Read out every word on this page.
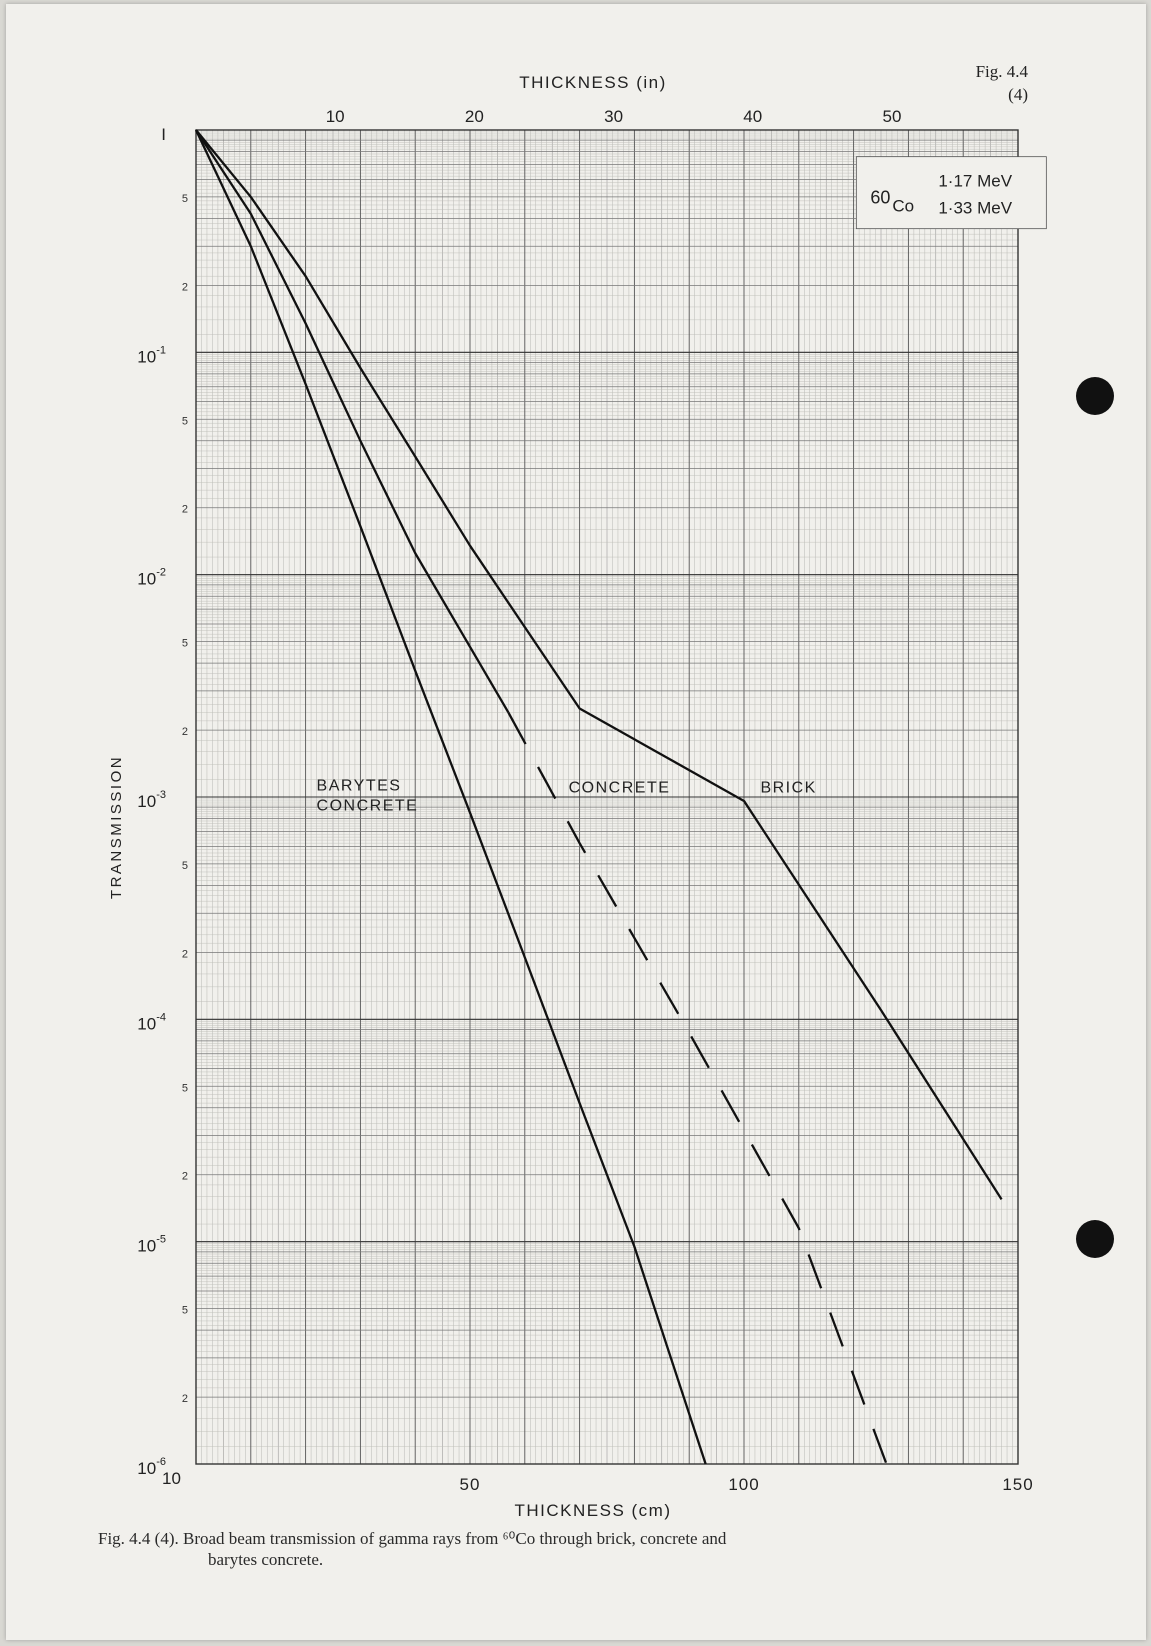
Fig. 4.4
(4)
60 Co
1·17 MeV
1·33 MeV
50	100	150
10
10	20	30	40	50
I
5
2
$10^{-1}$
5
2
$10^{-2}$
5
2
$10^{-3}$
5
2
$10^{-4}$
5
2
$10^{-5}$
5
2
$10^{-6}$
BARYTES
CONCRETE
CONCRETE	BRICK
THICKNESS (in)
THICKNESS (cm)
TRANSMISSION
Fig. 4.4 (4). Broad beam transmission of gamma rays from ⁶⁰Co through brick, concrete and
barytes concrete.
